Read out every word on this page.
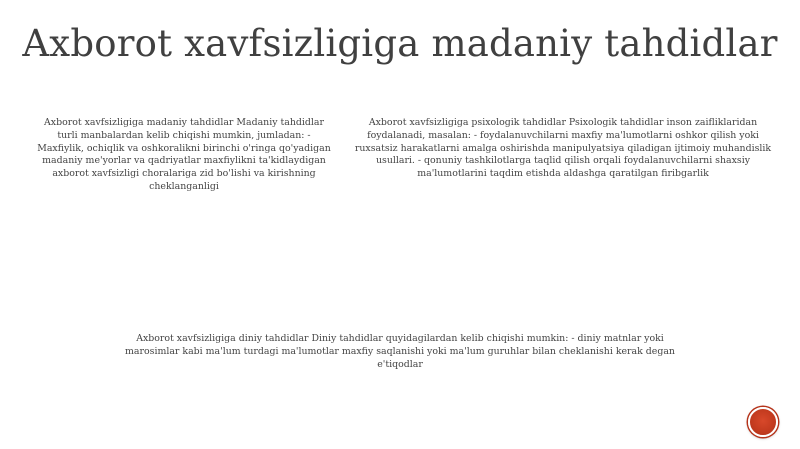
Axborot xavfsizligiga madaniy tahdidlar
Axborot xavfsizligiga madaniy tahdidlar Madaniy tahdidlar turli manbalardan kelib chiqishi mumkin, jumladan: - Maxfiylik, ochiqlik va oshkoralikni birinchi o'ringa qo'yadigan madaniy me'yorlar va qadriyatlar maxfiylikni ta'kidlaydigan axborot xavfsizligi choralariga zid bo'lishi va kirishning cheklanganligi
Axborot xavfsizligiga psixologik tahdidlar Psixologik tahdidlar inson zaifliklaridan foydalanadi, masalan: - foydalanuvchilarni maxfiy ma'lumotlarni oshkor qilish yoki ruxsatsiz harakatlarni amalga oshirishda manipulyatsiya qiladigan ijtimoiy muhandislik usullari. - qonuniy tashkilotlarga taqlid qilish orqali foydalanuvchilarni shaxsiy ma'lumotlarini taqdim etishda aldashga qaratilgan firibgarlik
Axborot xavfsizligiga diniy tahdidlar Diniy tahdidlar quyidagilardan kelib chiqishi mumkin: - diniy matnlar yoki marosimlar kabi ma'lum turdagi ma'lumotlar maxfiy saqlanishi yoki ma'lum guruhlar bilan cheklanishi kerak degan e'tiqodlar
